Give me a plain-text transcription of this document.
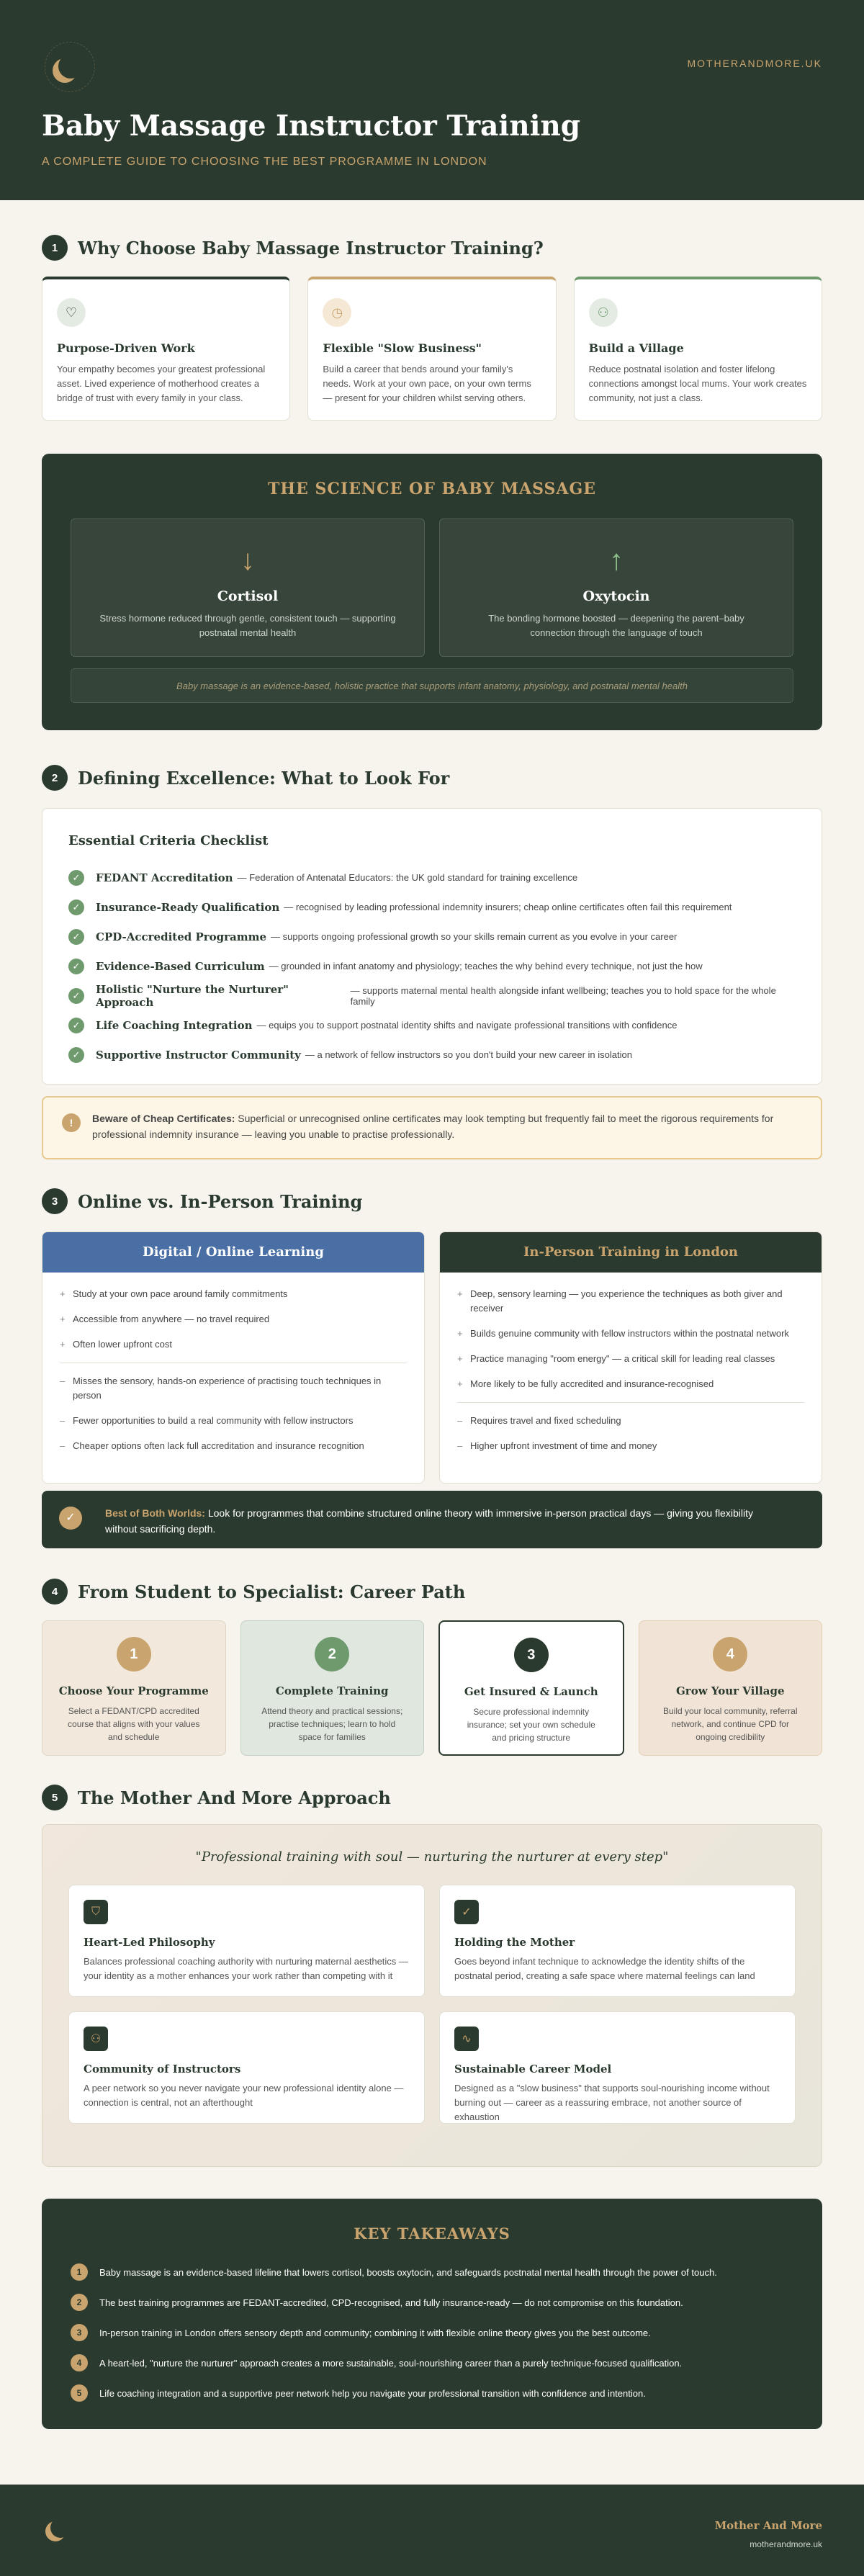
MOTHERANDMORE.UK
Baby Massage Instructor Training
A COMPLETE GUIDE TO CHOOSING THE BEST PROGRAMME IN LONDON
1	Why Choose Baby Massage Instructor Training?
♡
Purpose-Driven Work

Your empathy becomes your greatest professional asset. Lived experience of motherhood creates a bridge of trust with every family in your class.

◷
Flexible "Slow Business"

Build a career that bends around your family's needs. Work at your own pace, on your own terms — present for your children whilst serving others.

⚇
Build a Village

Reduce postnatal isolation and foster lifelong connections amongst local mums. Your work creates community, not just a class.

THE SCIENCE OF BABY MASSAGE
↓
Cortisol

Stress hormone reduced through gentle, consistent touch — supporting postnatal mental health

↑
Oxytocin

The bonding hormone boosted — deepening the parent–baby connection through the language of touch

Baby massage is an evidence-based, holistic practice that supports infant anatomy, physiology, and postnatal mental health
2	Defining Excellence: What to Look For
Essential Criteria Checklist
✓	FEDANT Accreditation — Federation of Antenatal Educators: the UK gold standard for training excellence
✓	Insurance-Ready Qualification — recognised by leading professional indemnity insurers; cheap online certificates often fail this requirement
✓	CPD-Accredited Programme — supports ongoing professional growth so your skills remain current as you evolve in your career
✓	Evidence-Based Curriculum — grounded in infant anatomy and physiology; teaches the why behind every technique, not just the how
✓	Holistic "Nurture the Nurturer" Approach
— supports maternal mental health alongside infant wellbeing; teaches you to hold space for the whole family
✓	Life Coaching Integration — equips you to support postnatal identity shifts and navigate professional transitions with confidence
✓	Supportive Instructor Community — a network of fellow instructors so you don't build your new career in isolation
!	Beware of Cheap Certificates: Superficial or unrecognised online certificates may look tempting but frequently fail to meet the rigorous requirements for professional indemnity insurance — leaving you unable to practise professionally.
3	Online vs. In-Person Training
Digital / Online Learning
+ Study at your own pace around family commitments
+ Accessible from anywhere — no travel required
+ Often lower upfront cost
– Misses the sensory, hands-on experience of practising touch techniques in person
– Fewer opportunities to build a real community with fellow instructors
– Cheaper options often lack full accreditation and insurance recognition
In-Person Training in London
+ Deep, sensory learning — you experience the techniques as both giver and receiver
+ Builds genuine community with fellow instructors within the postnatal network
+ Practice managing "room energy" — a critical skill for leading real classes
+ More likely to be fully accredited and insurance-recognised
– Requires travel and fixed scheduling
– Higher upfront investment of time and money
✓	Best of Both Worlds: Look for programmes that combine structured online theory with immersive in-person practical days — giving you flexibility without sacrificing depth.
4	From Student to Specialist: Career Path
1
Choose Your Programme

Select a FEDANT/CPD accredited course that aligns with your values and schedule

2
Complete Training

Attend theory and practical sessions; practise techniques; learn to hold space for families

3
Get Insured & Launch

Secure professional indemnity insurance; set your own schedule and pricing structure

4
Grow Your Village

Build your local community, referral network, and continue CPD for ongoing credibility

5	The Mother And More Approach
"Professional training with soul — nurturing the nurturer at every step"
⛉
Heart-Led Philosophy

Balances professional coaching authority with nurturing maternal aesthetics — your identity as a mother enhances your work rather than competing with it

✓
Holding the Mother

Goes beyond infant technique to acknowledge the identity shifts of the postnatal period, creating a safe space where maternal feelings can land

⚇
Community of Instructors

A peer network so you never navigate your new professional identity alone — connection is central, not an afterthought

∿
Sustainable Career Model

Designed as a "slow business" that supports soul-nourishing income without burning out — career as a reassuring embrace, not another source of exhaustion

KEY TAKEAWAYS
1	Baby massage is an evidence-based lifeline that lowers cortisol, boosts oxytocin, and safeguards postnatal mental health through the power of touch.
2	The best training programmes are FEDANT-accredited, CPD-recognised, and fully insurance-ready — do not compromise on this foundation.
3	In-person training in London offers sensory depth and community; combining it with flexible online theory gives you the best outcome.
4	A heart-led, "nurture the nurturer" approach creates a more sustainable, soul-nourishing career than a purely technique-focused qualification.
5	Life coaching integration and a supportive peer network help you navigate your professional transition with confidence and intention.
Mother And More
motherandmore.uk
